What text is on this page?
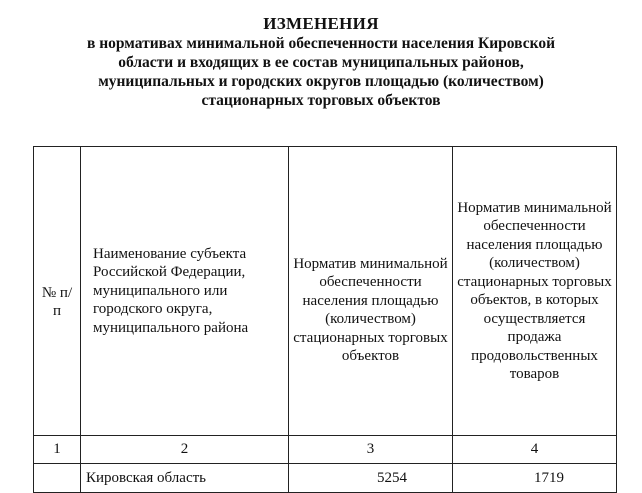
ИЗМЕНЕНИЯ
в нормативах минимальной обеспеченности населения Кировской
области и входящих в ее состав муниципальных районов,
муниципальных и городских округов площадью (количеством)
стационарных торговых объектов
№ п/п	Наименование субъекта Российской Федерации, муниципального или городского округа, муниципального района	Норматив минимальной обеспеченности населения площадью (количеством) стационарных торговых объектов	Норматив минимальной обеспеченности населения площадью (количеством) стационарных торговых объектов, в которых осуществляется продажа продовольственных товаров
1	2	3	4
	Кировская область	5254	1719
